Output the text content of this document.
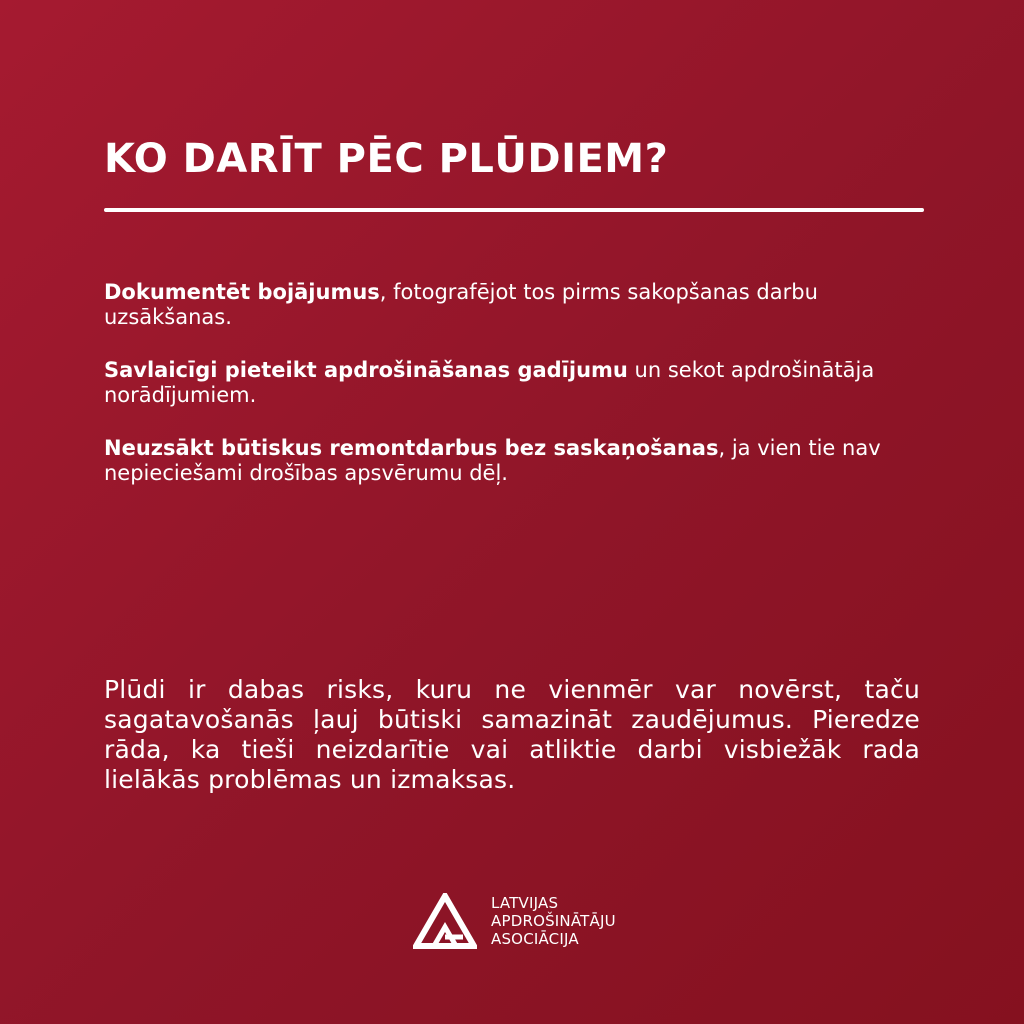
KO DARĪT PĒC PLŪDIEM?
Dokumentēt bojājumus, fotografējot tos pirms sakopšanas darbu uzsākšanas.
Savlaicīgi pieteikt apdrošināšanas gadījumu un sekot apdrošinātāja norādījumiem.
Neuzsākt būtiskus remontdarbus bez saskaņošanas, ja vien tie nav nepieciešami drošības apsvērumu dēļ.

Plūdi ir dabas risks, kuru ne vienmēr var novērst, taču sagatavošanās ļauj būtiski samazināt zaudējumus. Pieredze rāda, ka tieši neizdarītie vai atliktie darbi visbiežāk rada lielākās problēmas un izmaksas.

LATVIJAS
APDROŠINĀTĀJU
ASOCIĀCIJA
